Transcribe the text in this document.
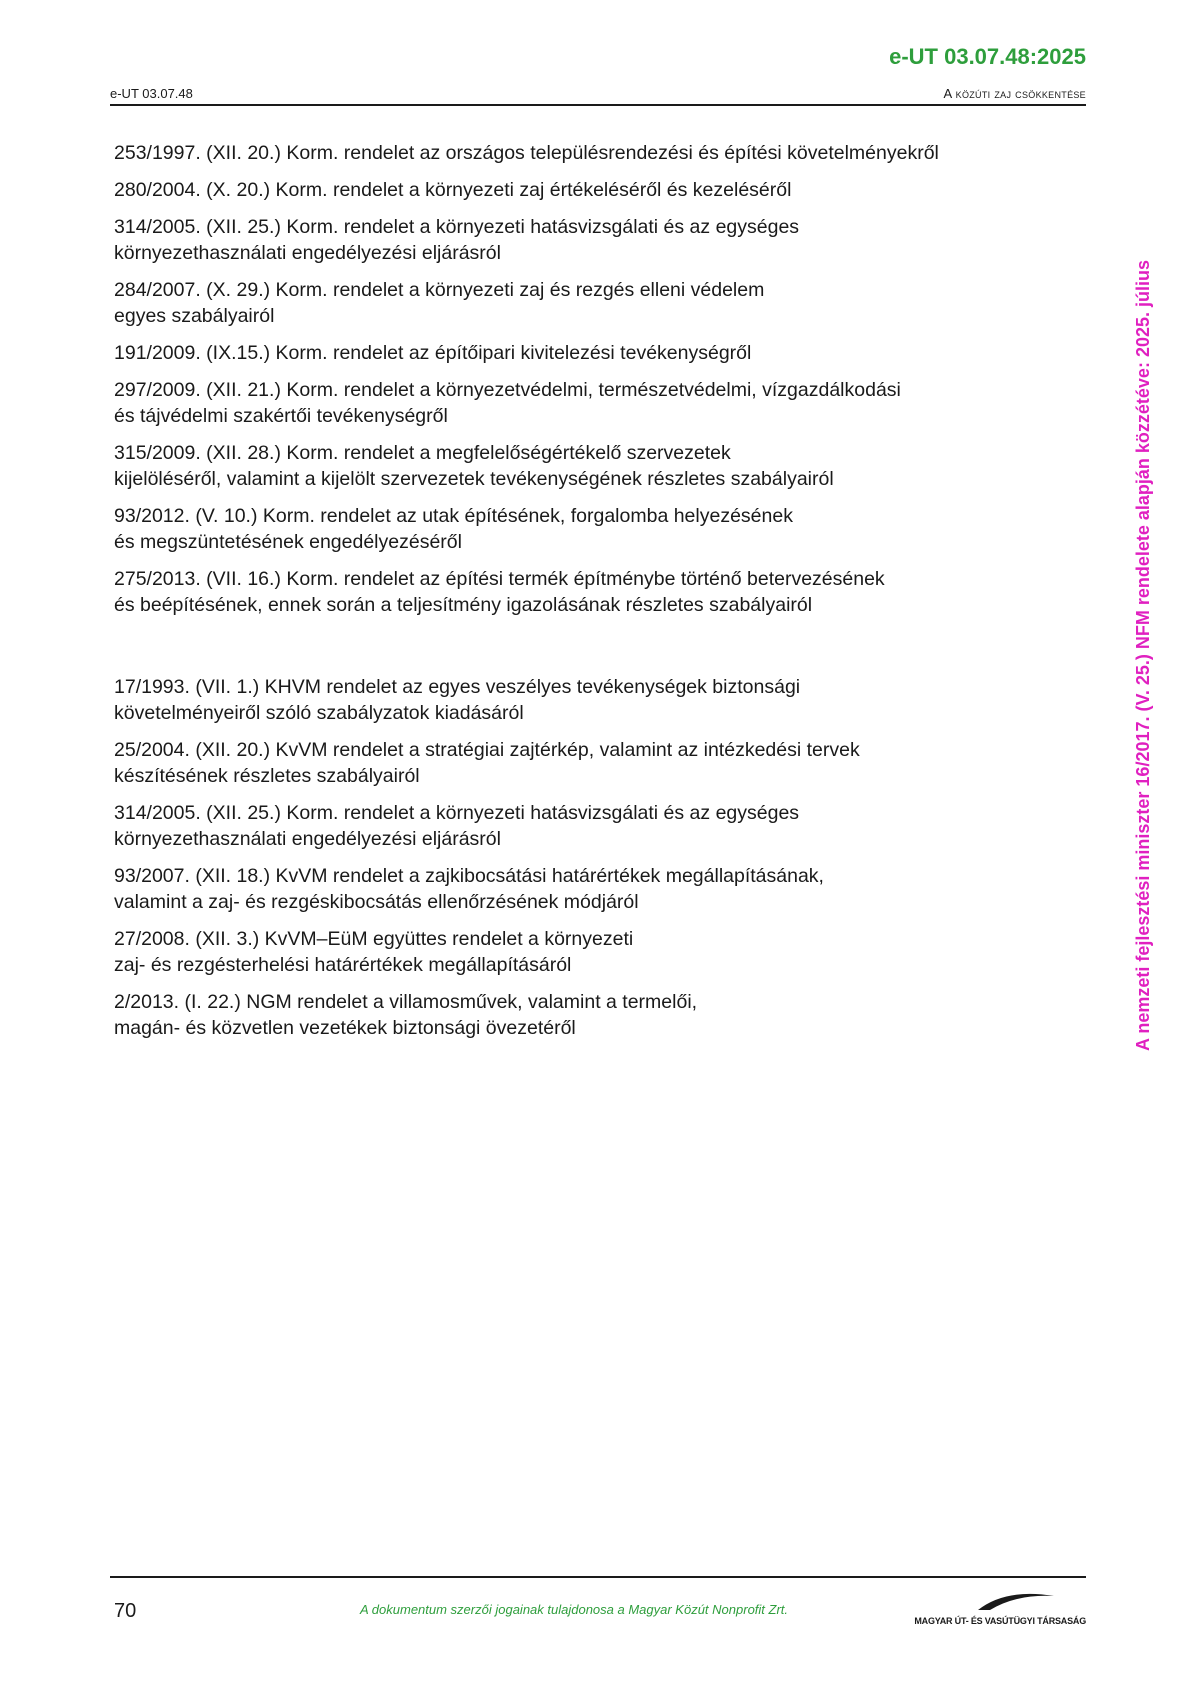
e-UT 03.07.48:2025
e-UT 03.07.48	A közúti zaj csökkentése
253/1997. (XII. 20.) Korm. rendelet az országos településrendezési és építési követelményekről
280/2004. (X. 20.) Korm. rendelet a környezeti zaj értékeléséről és kezeléséről
314/2005. (XII. 25.) Korm. rendelet a környezeti hatásvizsgálati és az egységes
környezethasználati engedélyezési eljárásról
284/2007. (X. 29.) Korm. rendelet a környezeti zaj és rezgés elleni védelem
egyes szabályairól
191/2009. (IX.15.) Korm. rendelet az építőipari kivitelezési tevékenységről
297/2009. (XII. 21.) Korm. rendelet a környezetvédelmi, természetvédelmi, vízgazdálkodási
és tájvédelmi szakértői tevékenységről
315/2009. (XII. 28.) Korm. rendelet a megfelelőségértékelő szervezetek
kijelöléséről, valamint a kijelölt szervezetek tevékenységének részletes szabályairól
93/2012. (V. 10.) Korm. rendelet az utak építésének, forgalomba helyezésének
és megszüntetésének engedélyezéséről
275/2013. (VII. 16.) Korm. rendelet az építési termék építménybe történő betervezésének
és beépítésének, ennek során a teljesítmény igazolásának részletes szabályairól
17/1993. (VII. 1.) KHVM rendelet az egyes veszélyes tevékenységek biztonsági
követelményeiről szóló szabályzatok kiadásáról
25/2004. (XII. 20.) KvVM rendelet a stratégiai zajtérkép, valamint az intézkedési tervek
készítésének részletes szabályairól
314/2005. (XII. 25.) Korm. rendelet a környezeti hatásvizsgálati és az egységes
környezethasználati engedélyezési eljárásról
93/2007. (XII. 18.) KvVM rendelet a zajkibocsátási határértékek megállapításának,
valamint a zaj- és rezgéskibocsátás ellenőrzésének módjáról
27/2008. (XII. 3.) KvVM–EüM együttes rendelet a környezeti
zaj- és rezgésterhelési határértékek megállapításáról
2/2013. (I. 22.) NGM rendelet a villamosművek, valamint a termelői,
magán- és közvetlen vezetékek biztonsági övezetéről	A nemzeti fejlesztési miniszter 16/2017. (V. 25.) NFM rendelete alapján közzétéve: 2025. július
70	A dokumentum szerzői jogainak tulajdonosa a Magyar Közút Nonprofit Zrt.
MAGYAR ÚT- ÉS VASÚTÜGYI TÁRSASÁG
